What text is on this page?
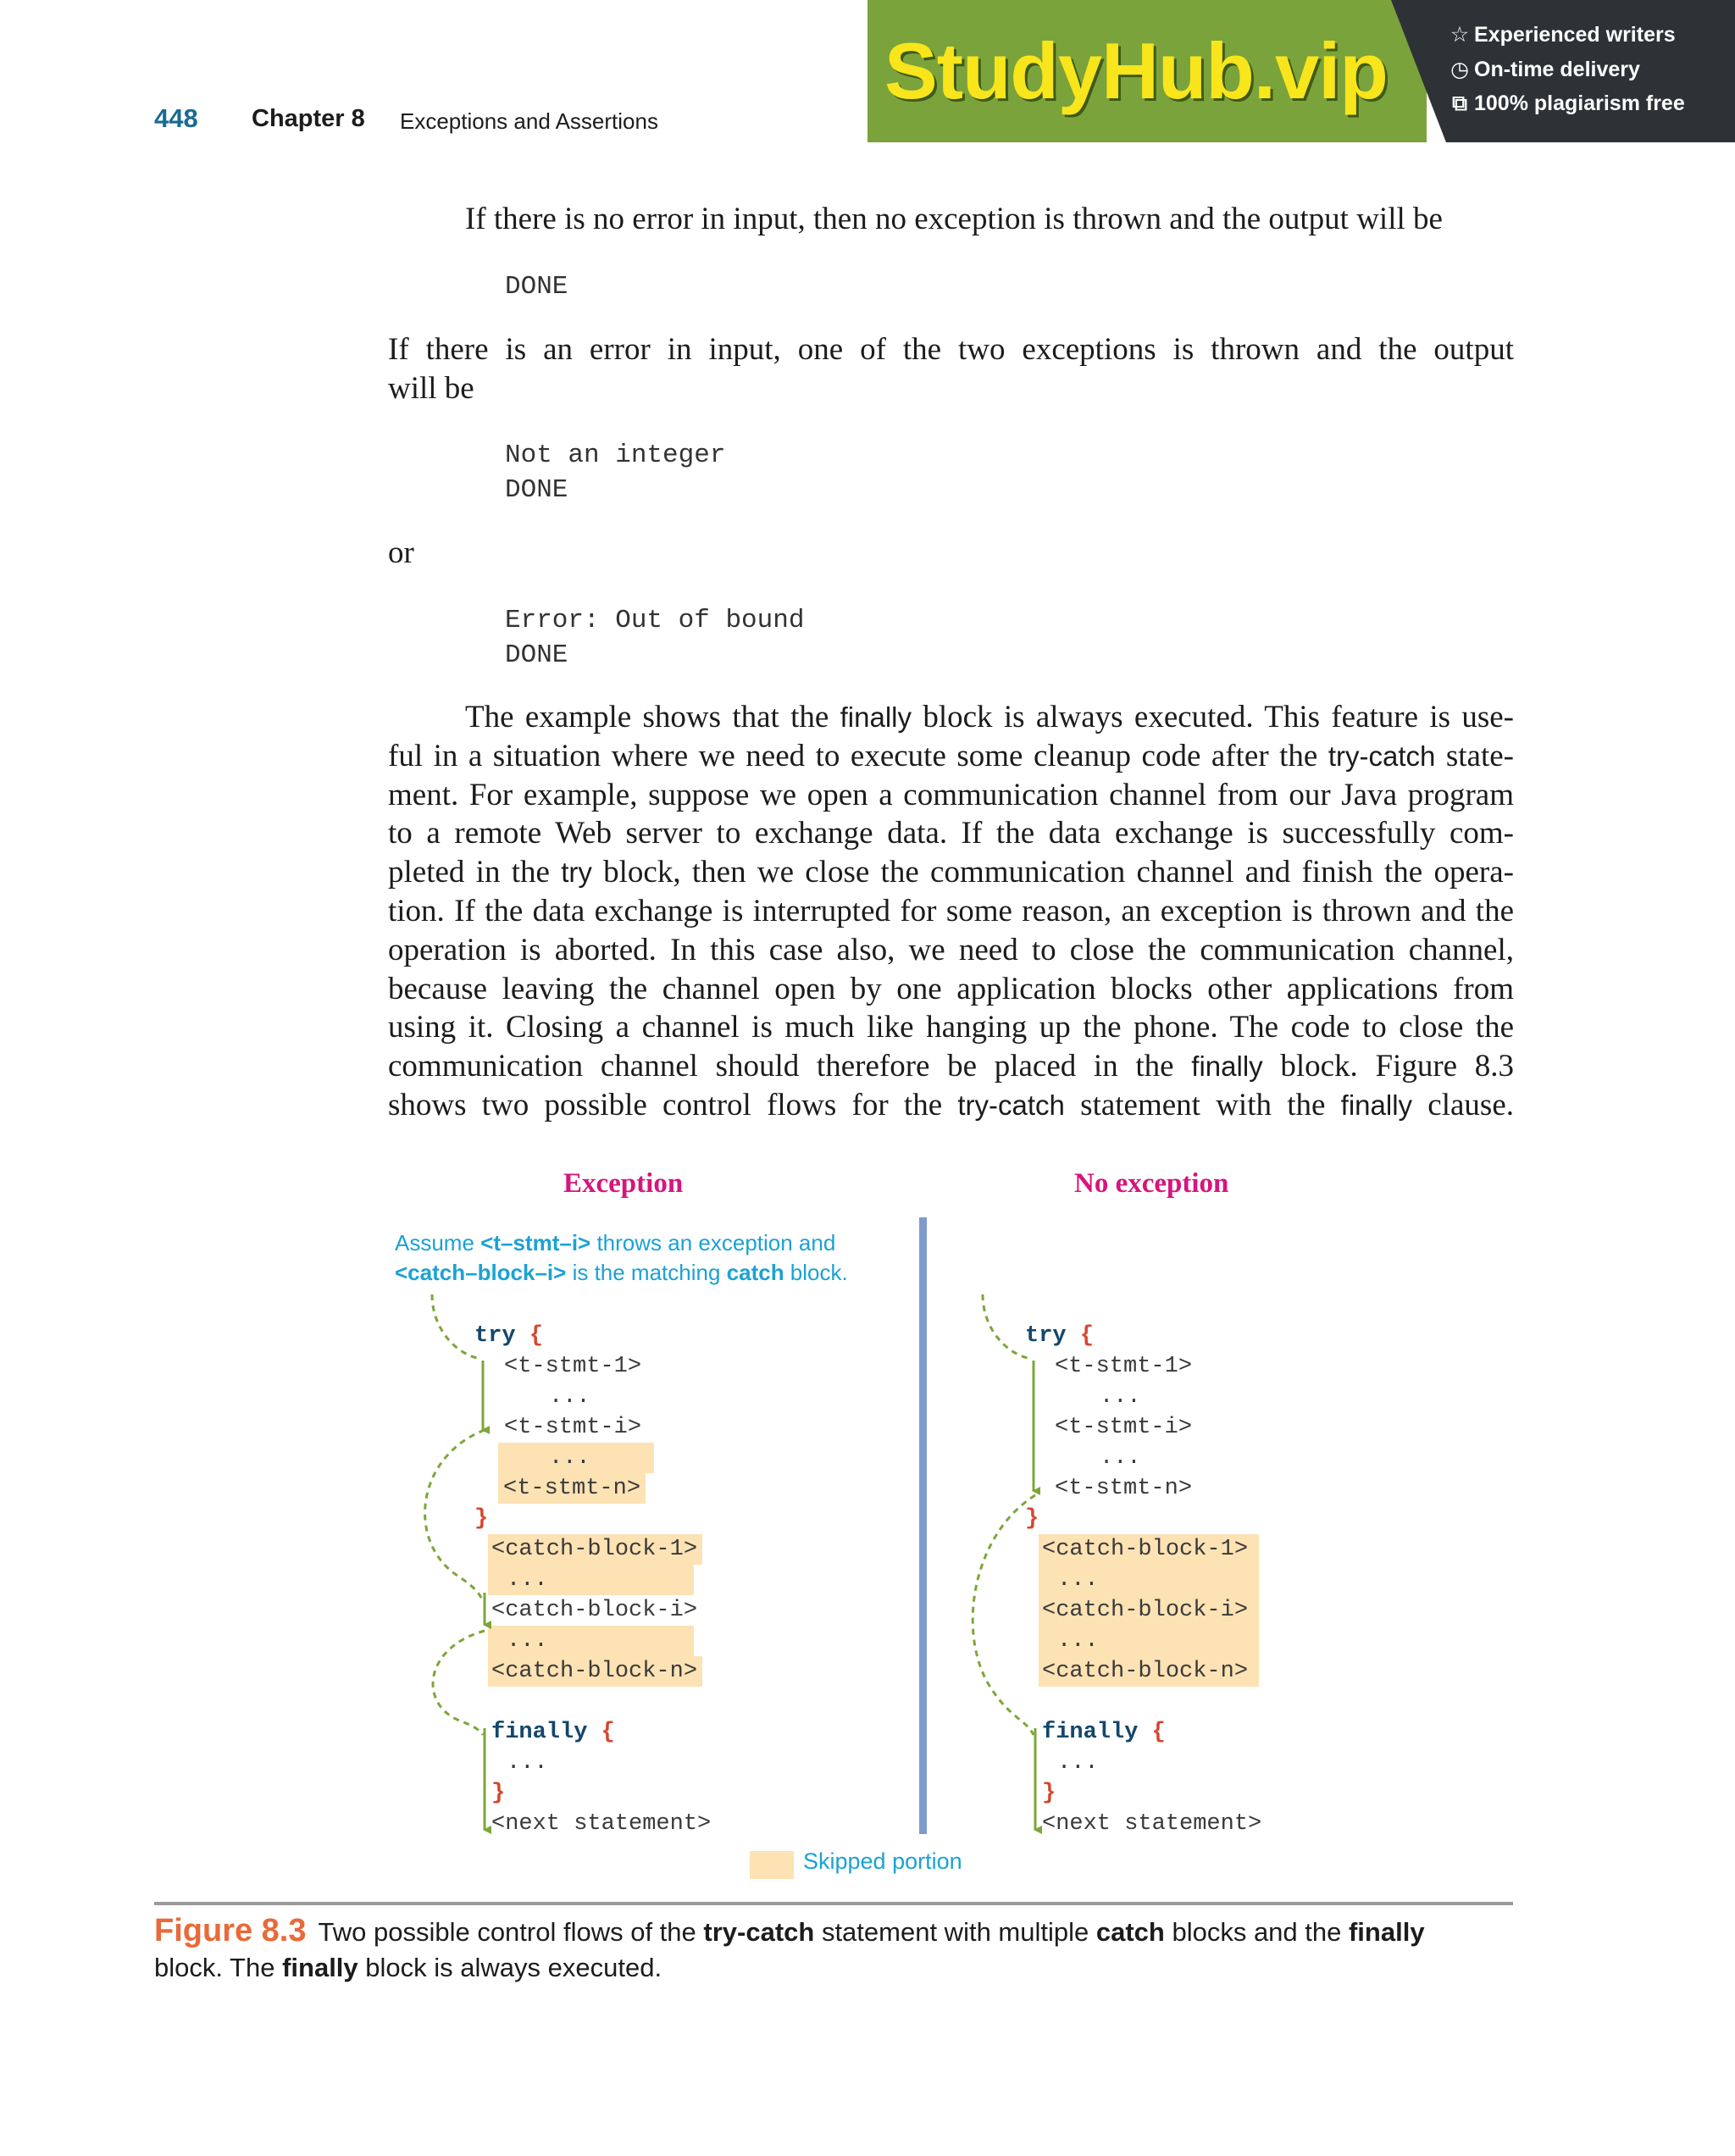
448 Chapter 8 Exceptions and Assertions
StudyHub.vip	☆ Experienced writers
◷ On-time delivery
⧉ 100% plagiarism free
If there is no error in input, then no exception is thrown and the output will be
DONE
If there is an error in input, one of the two exceptions is thrown and the output
will be
Not an integer
DONE
or
Error: Out of bound
DONE
The example shows that the finally block is always executed. This feature is use-
ful in a situation where we need to execute some cleanup code after the try-catch state-
ment. For example, suppose we open a communication channel from our Java program
to a remote Web server to exchange data. If the data exchange is successfully com-
pleted in the try block, then we close the communication channel and finish the opera-
tion. If the data exchange is interrupted for some reason, an exception is thrown and the
operation is aborted. In this case also, we need to close the communication channel,
because leaving the channel open by one application blocks other applications from
using it. Closing a channel is much like hanging up the phone. The code to close the
communication channel should therefore be placed in the finally block. Figure 8.3
shows two possible control flows for the try-catch statement with the finally clause.
Exception	No exception
Assume <t–stmt–i> throws an exception and
<catch–block–i> is the matching catch block.
try {
<t-stmt-1>
...
<t-stmt-i>
...
<t-stmt-n>
}
<catch-block-1>
...
<catch-block-i>
...
<catch-block-n>
finally {
...
}
<next statement>
try {
<t-stmt-1>
...
<t-stmt-i>
...
<t-stmt-n>
}
<catch-block-1>
...
<catch-block-i>
...
<catch-block-n>
finally {
...
}
<next statement>
Skipped portion
Figure 8.3 Two possible control flows of the try-catch statement with multiple catch blocks and the finally
block. The finally block is always executed.
